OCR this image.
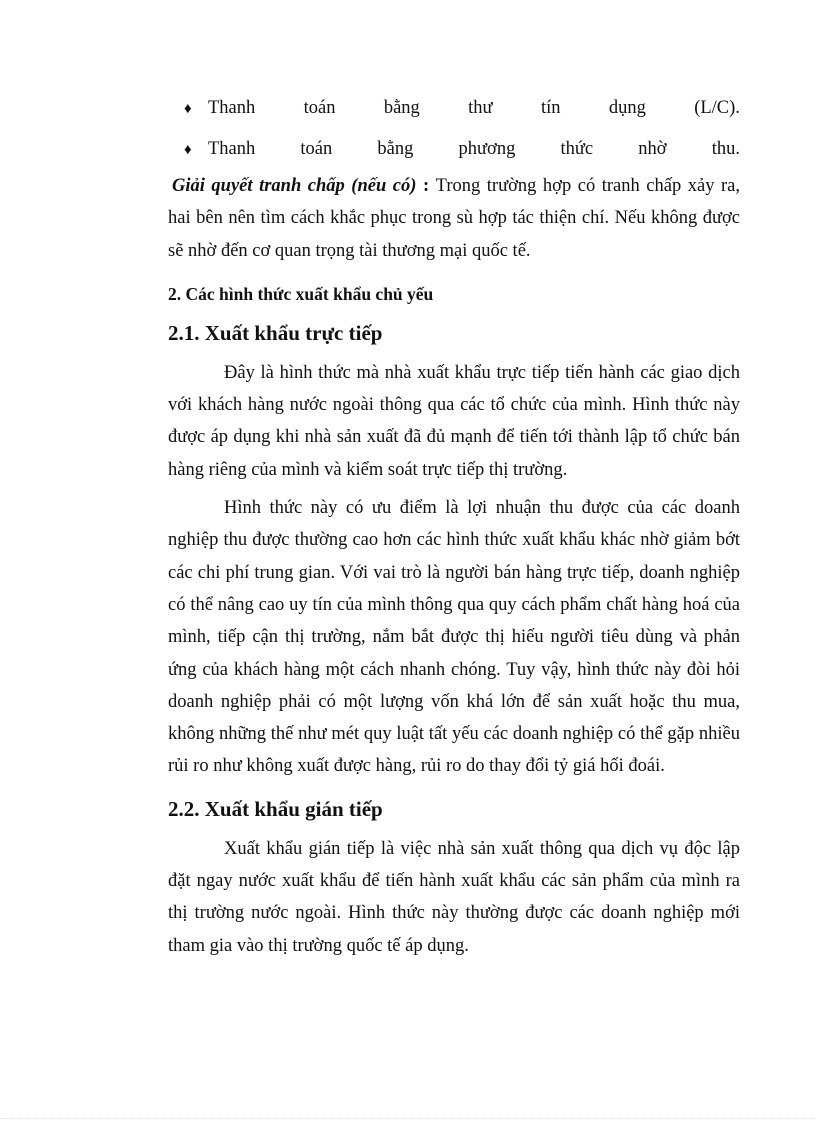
♦ Thanh	toán	bằng	thư	tín	dụng	(L/C).
♦ Thanh toán bằng phương thức nhờ thu.

Giải quyết tranh chấp (nếu có) : Trong trường hợp có tranh chấp xảy ra, hai bên nên tìm cách khắc phục trong sù hợp tác thiện chí. Nếu không được sẽ nhờ đến cơ quan trọng tài thương mại quốc tế.

2. Các hình thức xuất khẩu chủ yếu
2.1. Xuất khẩu trực tiếp

Đây là hình thức mà nhà xuất khẩu trực tiếp tiến hành các giao dịch với khách hàng nước ngoài thông qua các tổ chức của mình. Hình thức này được áp dụng khi nhà sản xuất đã đủ mạnh để tiến tới thành lập tổ chức bán hàng riêng của mình và kiểm soát trực tiếp thị trường.

Hình thức này có ưu điểm là lợi nhuận thu được của các doanh nghiệp thu được thường cao hơn các hình thức xuất khẩu khác nhờ giảm bớt các chi phí trung gian. Với vai trò là người bán hàng trực tiếp, doanh nghiệp có thể nâng cao uy tín của mình thông qua quy cách phẩm chất hàng hoá của mình, tiếp cận thị trường, nắm bắt được thị hiếu người tiêu dùng và phản ứng của khách hàng một cách nhanh chóng. Tuy vậy, hình thức này đòi hỏi doanh nghiệp phải có một lượng vốn khá lớn để sản xuất hoặc thu mua, không những thế như mét quy luật tất yếu các doanh nghiệp có thể gặp nhiều rủi ro như không xuất được hàng, rủi ro do thay đổi tỷ giá hối đoái.

2.2. Xuất khẩu gián tiếp

Xuất khẩu gián tiếp là việc nhà sản xuất thông qua dịch vụ độc lập đặt ngay nước xuất khẩu để tiến hành xuất khẩu các sản phẩm của mình ra thị trường nước ngoài. Hình thức này thường được các doanh nghiệp mới tham gia vào thị trường quốc tế áp dụng.
